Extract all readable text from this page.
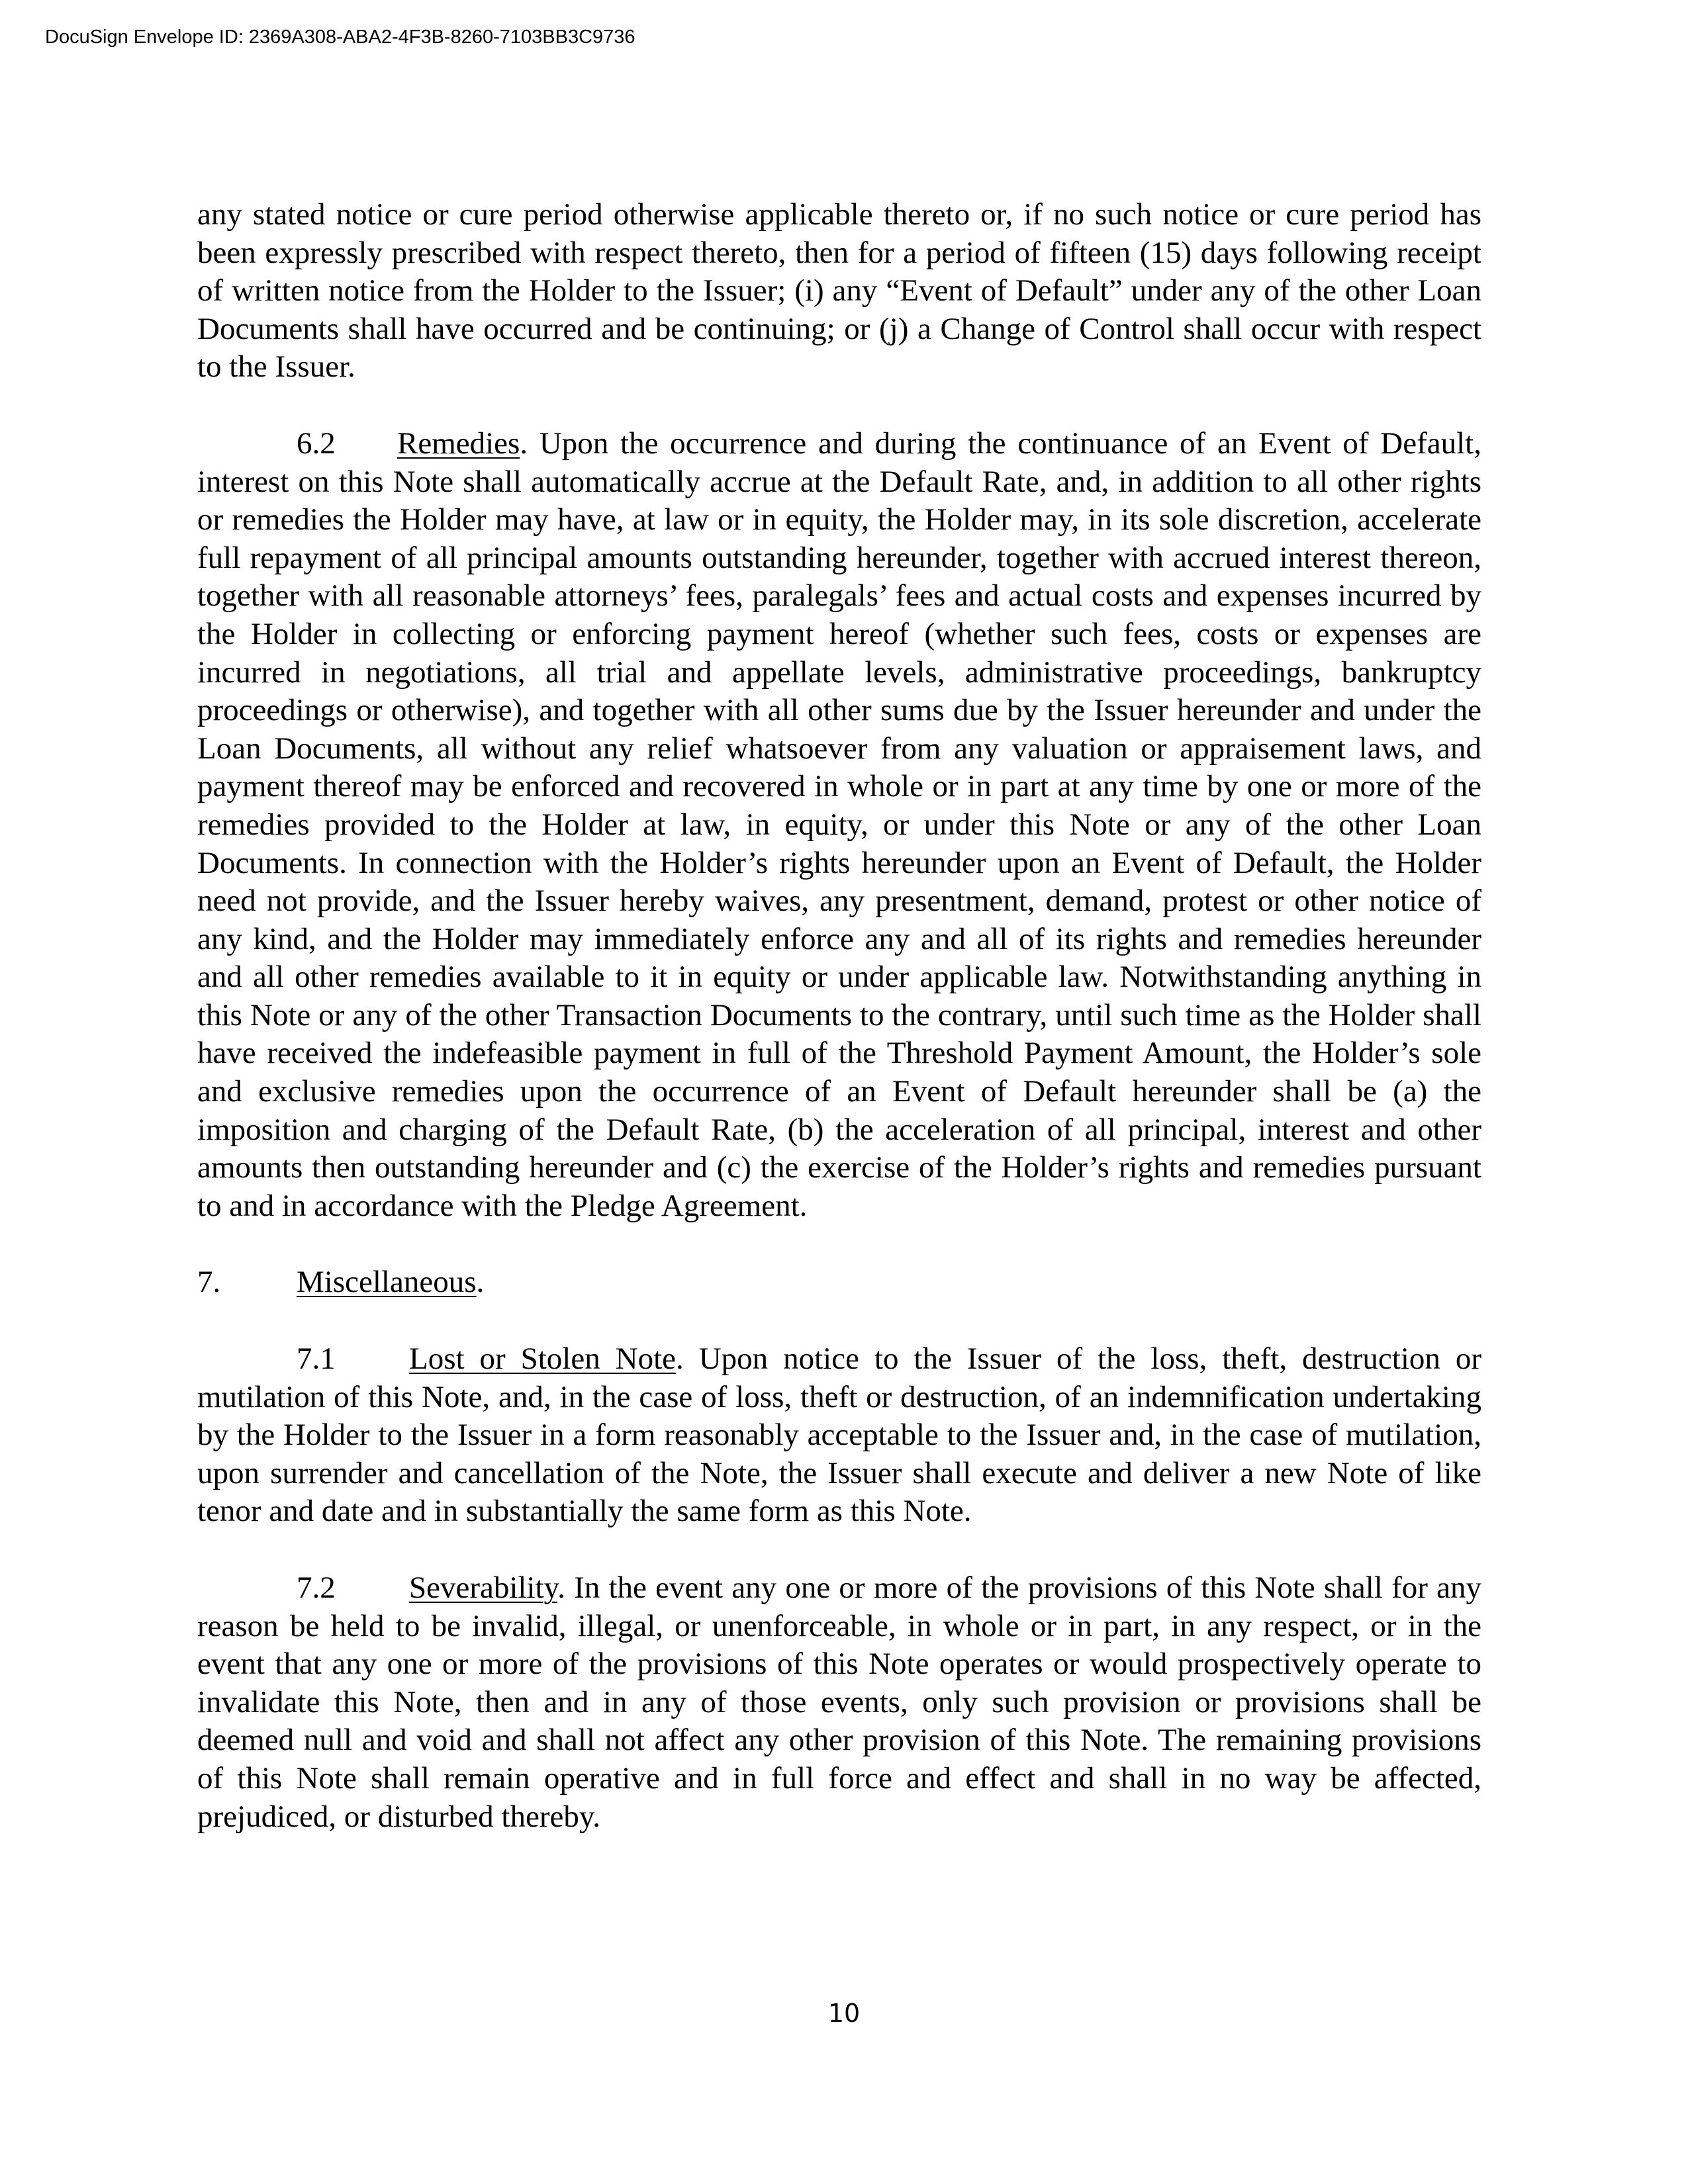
DocuSign Envelope ID: 2369A308-ABA2-4F3B-8260-7103BB3C9736

any stated notice or cure period otherwise applicable thereto or, if no such notice or cure period has been expressly prescribed with respect thereto, then for a period of fifteen (15) days following receipt of written notice from the Holder to the Issuer; (i) any “Event of Default” under any of the other Loan Documents shall have occurred and be continuing; or (j) a Change of Control shall occur with respect to the Issuer.

6.2 Remedies. Upon the occurrence and during the continuance of an Event of Default, interest on this Note shall automatically accrue at the Default Rate, and, in addition to all other rights or remedies the Holder may have, at law or in equity, the Holder may, in its sole discretion, accelerate full repayment of all principal amounts outstanding hereunder, together with accrued interest thereon, together with all reasonable attorneys’ fees, paralegals’ fees and actual costs and expenses incurred by the Holder in collecting or enforcing payment hereof (whether such fees, costs or expenses are incurred in negotiations, all trial and appellate levels, administrative proceedings, bankruptcy proceedings or otherwise), and together with all other sums due by the Issuer hereunder and under the Loan Documents, all without any relief whatsoever from any valuation or appraisement laws, and payment thereof may be enforced and recovered in whole or in part at any time by one or more of the remedies provided to the Holder at law, in equity, or under this Note or any of the other Loan Documents. In connection with the Holder’s rights hereunder upon an Event of Default, the Holder need not provide, and the Issuer hereby waives, any presentment, demand, protest or other notice of any kind, and the Holder may immediately enforce any and all of its rights and remedies hereunder and all other remedies available to it in equity or under applicable law. Notwithstanding anything in this Note or any of the other Transaction Documents to the contrary, until such time as the Holder shall have received the indefeasible payment in full of the Threshold Payment Amount, the Holder’s sole and exclusive remedies upon the occurrence of an Event of Default hereunder shall be (a) the imposition and charging of the Default Rate, (b) the acceleration of all principal, interest and other amounts then outstanding hereunder and (c) the exercise of the Holder’s rights and remedies pursuant to and in accordance with the Pledge Agreement.

7. Miscellaneous.

7.1 Lost or Stolen Note. Upon notice to the Issuer of the loss, theft, destruction or mutilation of this Note, and, in the case of loss, theft or destruction, of an indemnification undertaking by the Holder to the Issuer in a form reasonably acceptable to the Issuer and, in the case of mutilation, upon surrender and cancellation of the Note, the Issuer shall execute and deliver a new Note of like tenor and date and in substantially the same form as this Note.

7.2 Severability. In the event any one or more of the provisions of this Note shall for any reason be held to be invalid, illegal, or unenforceable, in whole or in part, in any respect, or in the event that any one or more of the provisions of this Note operates or would prospectively operate to invalidate this Note, then and in any of those events, only such provision or provisions shall be deemed null and void and shall not affect any other provision of this Note. The remaining provisions of this Note shall remain operative and in full force and effect and shall in no way be affected, prejudiced, or disturbed thereby.

10
